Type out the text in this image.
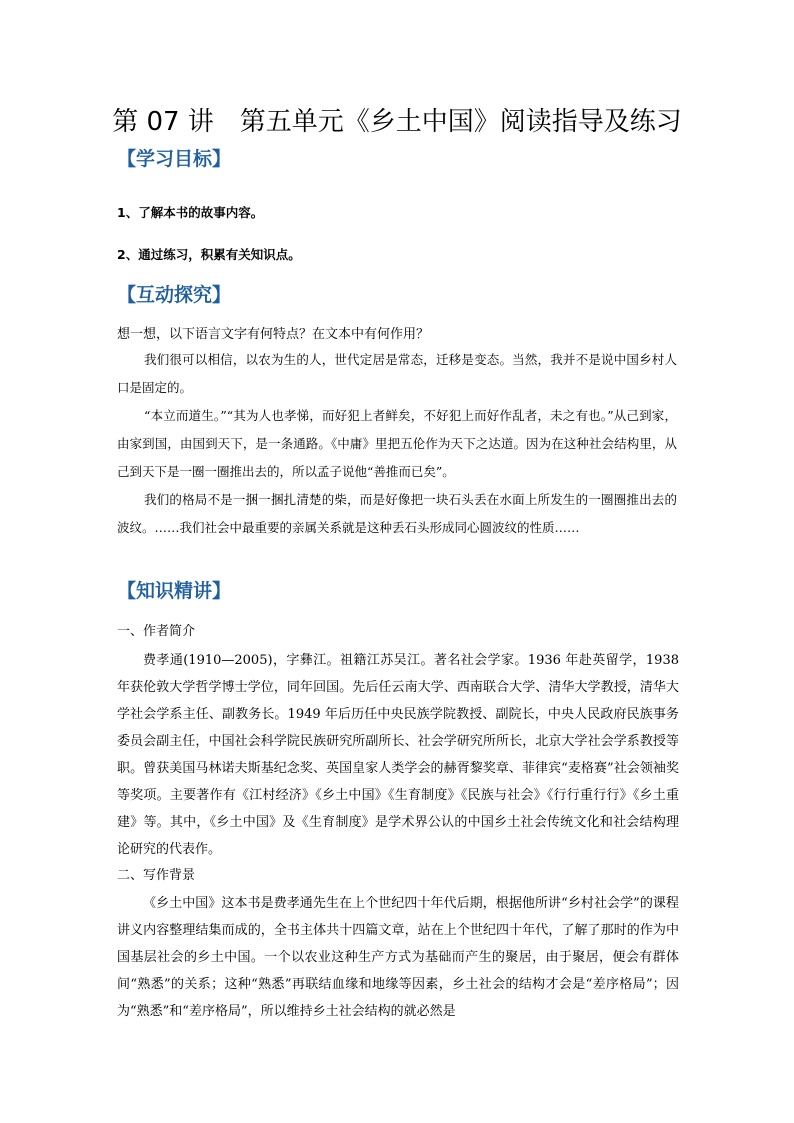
第 07 讲　第五单元《乡土中国》阅读指导及练习
【学习目标】
1、了解本书的故事内容。
2、通过练习，积累有关知识点。
【互动探究】
想一想，以下语言文字有何特点？在文本中有何作用？

我们很可以相信，以农为生的人，世代定居是常态，迁移是变态。当然，我并不是说中国乡村人口是固定的。

“本立而道生。”“其为人也孝悌，而好犯上者鲜矣，不好犯上而好作乱者，未之有也。”从己到家，由家到国，由国到天下，是一条通路。《中庸》里把五伦作为天下之达道。因为在这种社会结构里，从己到天下是一圈一圈推出去的，所以孟子说他“善推而已矣”。

我们的格局不是一捆一捆扎清楚的柴，而是好像把一块石头丢在水面上所发生的一圈圈推出去的波纹。……我们社会中最重要的亲属关系就是这种丢石头形成同心圆波纹的性质……

【知识精讲】
一、作者简介

费孝通(1910—2005)，字彝江。祖籍江苏吴江。著名社会学家。1936 年赴英留学，1938 年获伦敦大学哲学博士学位，同年回国。先后任云南大学、西南联合大学、清华大学教授，清华大学社会学系主任、副教务长。1949 年后历任中央民族学院教授、副院长，中央人民政府民族事务委员会副主任，中国社会科学院民族研究所副所长、社会学研究所所长，北京大学社会学系教授等职。曾获美国马林诺夫斯基纪念奖、英国皇家人类学会的赫胥黎奖章、菲律宾“麦格赛”社会领袖奖等奖项。主要著作有《江村经济》《乡土中国》《生育制度》《民族与社会》《行行重行行》《乡土重建》等。其中，《乡土中国》及《生育制度》是学术界公认的中国乡土社会传统文化和社会结构理论研究的代表作。

二、写作背景

《乡土中国》这本书是费孝通先生在上个世纪四十年代后期，根据他所讲“乡村社会学”的课程讲义内容整理结集而成的，全书主体共十四篇文章，站在上个世纪四十年代，了解了那时的作为中国基层社会的乡土中国。一个以农业这种生产方式为基础而产生的聚居，由于聚居，便会有群体间“熟悉”的关系；这种“熟悉”再联结血缘和地缘等因素，乡土社会的结构才会是“差序格局”；因为“熟悉”和“差序格局”，所以维持乡土社会结构的就必然是
